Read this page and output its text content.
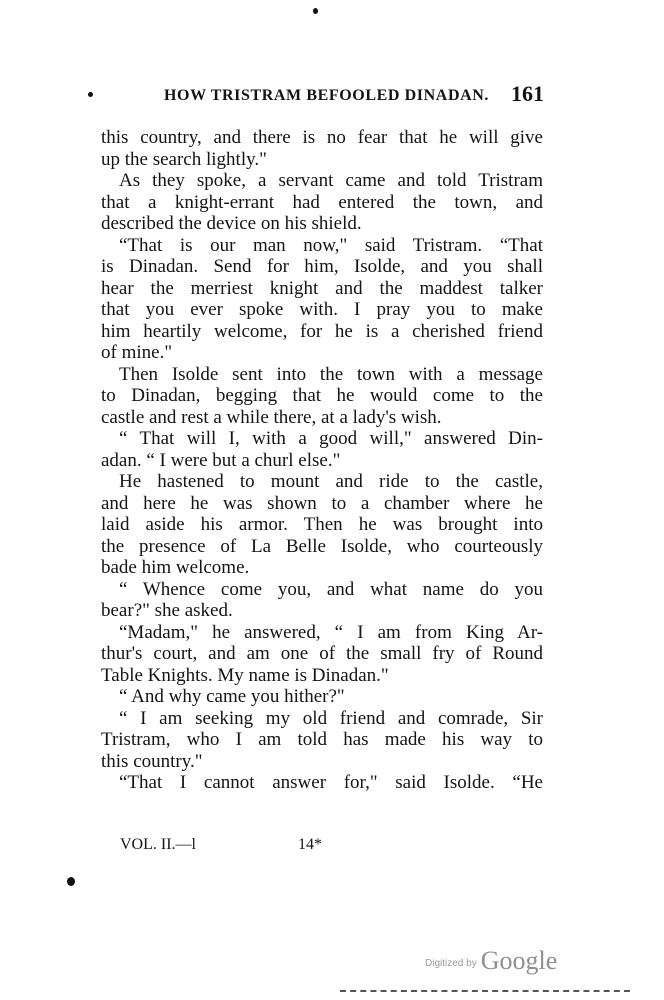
HOW TRISTRAM BEFOOLED DINADAN. 161
this country, and there is no fear that he will give
up the search lightly."
As they spoke, a servant came and told Tristram
that a knight-errant had entered the town, and
described the device on his shield.
“That is our man now," said Tristram. “That
is Dinadan. Send for him, Isolde, and you shall
hear the merriest knight and the maddest talker
that you ever spoke with. I pray you to make
him heartily welcome, for he is a cherished friend
of mine."
Then Isolde sent into the town with a message
to Dinadan, begging that he would come to the
castle and rest a while there, at a lady's wish.
“ That will I, with a good will," answered Din-
adan. “ I were but a churl else."
He hastened to mount and ride to the castle,
and here he was shown to a chamber where he
laid aside his armor. Then he was brought into
the presence of La Belle Isolde, who courteously
bade him welcome.
“ Whence come you, and what name do you
bear?" she asked.
“Madam," he answered, “ I am from King Ar-
thur's court, and am one of the small fry of Round
Table Knights. My name is Dinadan."
“ And why came you hither?"
“ I am seeking my old friend and comrade, Sir
Tristram, who I am told has made his way to
this country."
“That I cannot answer for," said Isolde. “He
VOL. II.—l	14*
Digitized by Google
